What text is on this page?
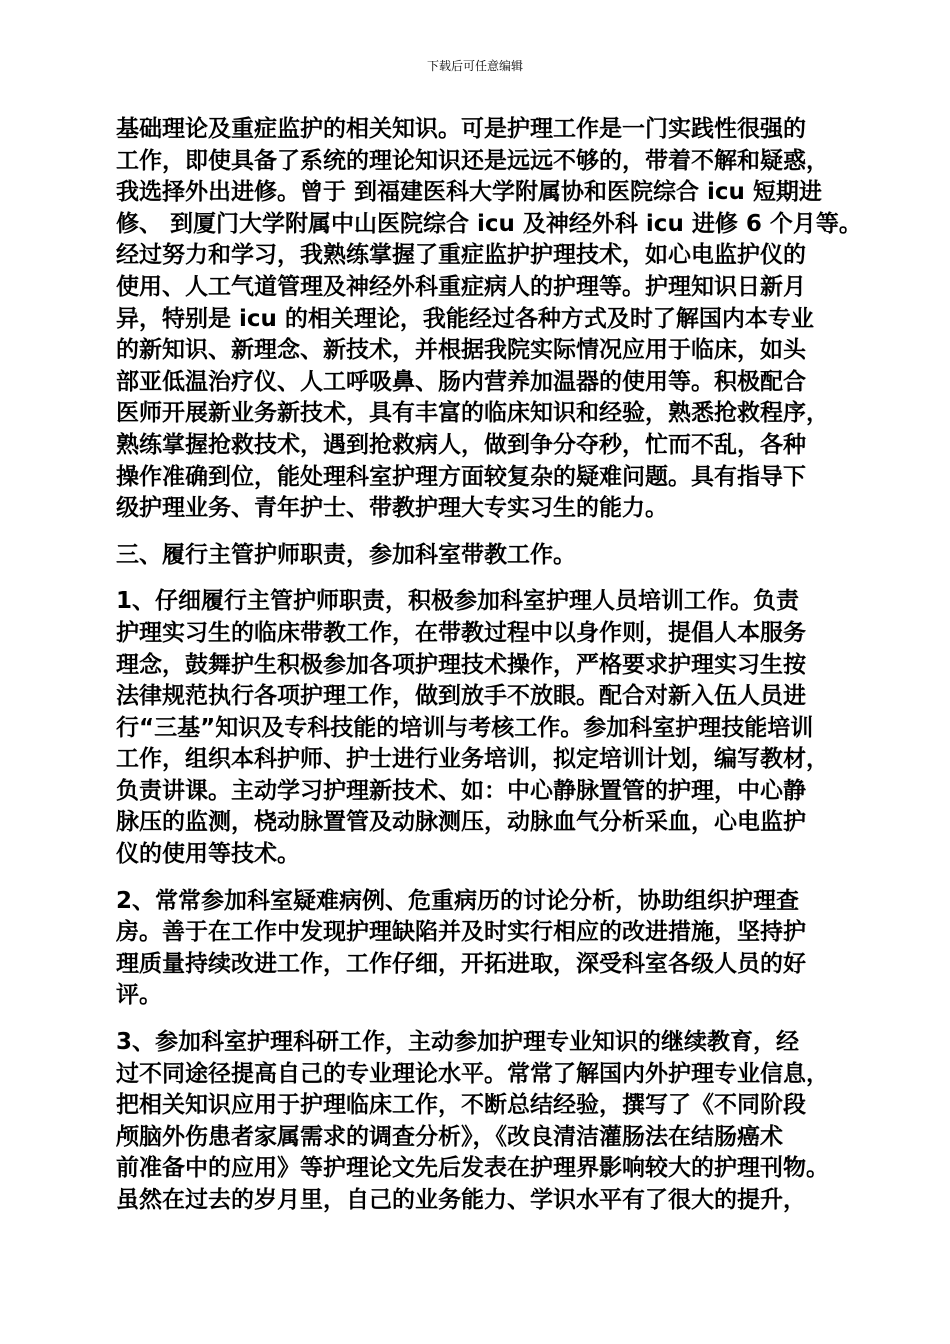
下载后可任意编辑

基础理论及重症监护的相关知识。可是护理工作是一门实践性很强的
工作，即使具备了系统的理论知识还是远远不够的，带着不解和疑惑，
我选择外出进修。曾于 到福建医科大学附属协和医院综合 icu 短期进
修、 到厦门大学附属中山医院综合 icu 及神经外科 icu 进修 6 个月等。
经过努力和学习，我熟练掌握了重症监护护理技术，如心电监护仪的
使用、人工气道管理及神经外科重症病人的护理等。护理知识日新月
异，特别是 icu 的相关理论，我能经过各种方式及时了解国内本专业
的新知识、新理念、新技术，并根据我院实际情况应用于临床，如头
部亚低温治疗仪、人工呼吸鼻、肠内营养加温器的使用等。积极配合
医师开展新业务新技术，具有丰富的临床知识和经验，熟悉抢救程序，
熟练掌握抢救技术，遇到抢救病人，做到争分夺秒，忙而不乱，各种
操作准确到位，能处理科室护理方面较复杂的疑难问题。具有指导下
级护理业务、青年护士、带教护理大专实习生的能力。

三、履行主管护师职责，参加科室带教工作。

1、仔细履行主管护师职责，积极参加科室护理人员培训工作。负责
护理实习生的临床带教工作，在带教过程中以身作则，提倡人本服务
理念，鼓舞护生积极参加各项护理技术操作，严格要求护理实习生按
法律规范执行各项护理工作，做到放手不放眼。配合对新入伍人员进
行“三基”知识及专科技能的培训与考核工作。参加科室护理技能培训
工作，组织本科护师、护士进行业务培训，拟定培训计划，编写教材，
负责讲课。主动学习护理新技术、如：中心静脉置管的护理，中心静
脉压的监测，桡动脉置管及动脉测压，动脉血气分析采血，心电监护
仪的使用等技术。

2、常常参加科室疑难病例、危重病历的讨论分析，协助组织护理查
房。善于在工作中发现护理缺陷并及时实行相应的改进措施，坚持护
理质量持续改进工作，工作仔细，开拓进取，深受科室各级人员的好
评。

3、参加科室护理科研工作，主动参加护理专业知识的继续教育，经
过不同途径提高自己的专业理论水平。常常了解国内外护理专业信息，
把相关知识应用于护理临床工作，不断总结经验，撰写了《不同阶段
颅脑外伤患者家属需求的调查分析》，《改良清洁灌肠法在结肠癌术
前准备中的应用》等护理论文先后发表在护理界影响较大的护理刊物。
虽然在过去的岁月里，自己的业务能力、学识水平有了很大的提升，
